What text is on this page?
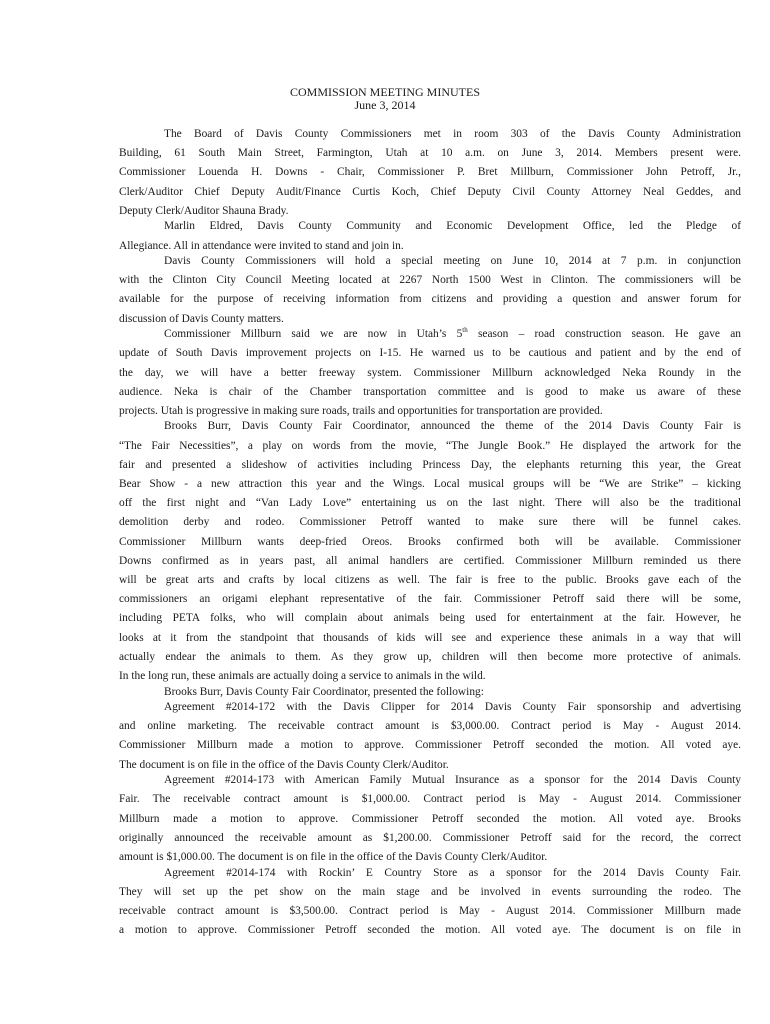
COMMISSION MEETING MINUTES
June 3, 2014
The Board of Davis County Commissioners met in room 303 of the Davis County Administration
Building, 61 South Main Street, Farmington, Utah at 10 a.m. on June 3, 2014. Members present were.
Commissioner Louenda H. Downs - Chair, Commissioner P. Bret Millburn, Commissioner John Petroff, Jr.,
Clerk/Auditor Chief Deputy Audit/Finance Curtis Koch, Chief Deputy Civil County Attorney Neal Geddes, and
Deputy Clerk/Auditor Shauna Brady.
Marlin Eldred, Davis County Community and Economic Development Office, led the Pledge of
Allegiance. All in attendance were invited to stand and join in.
Davis County Commissioners will hold a special meeting on June 10, 2014 at 7 p.m. in conjunction
with the Clinton City Council Meeting located at 2267 North 1500 West in Clinton. The commissioners will be
available for the purpose of receiving information from citizens and providing a question and answer forum for
discussion of Davis County matters.
Commissioner Millburn said we are now in Utah’s 5th season – road construction season. He gave an
update of South Davis improvement projects on I-15. He warned us to be cautious and patient and by the end of
the day, we will have a better freeway system. Commissioner Millburn acknowledged Neka Roundy in the
audience. Neka is chair of the Chamber transportation committee and is good to make us aware of these
projects. Utah is progressive in making sure roads, trails and opportunities for transportation are provided.
Brooks Burr, Davis County Fair Coordinator, announced the theme of the 2014 Davis County Fair is
“The Fair Necessities”, a play on words from the movie, “The Jungle Book.” He displayed the artwork for the
fair and presented a slideshow of activities including Princess Day, the elephants returning this year, the Great
Bear Show - a new attraction this year and the Wings. Local musical groups will be “We are Strike” – kicking
off the first night and “Van Lady Love” entertaining us on the last night. There will also be the traditional
demolition derby and rodeo. Commissioner Petroff wanted to make sure there will be funnel cakes.
Commissioner Millburn wants deep-fried Oreos. Brooks confirmed both will be available. Commissioner
Downs confirmed as in years past, all animal handlers are certified. Commissioner Millburn reminded us there
will be great arts and crafts by local citizens as well. The fair is free to the public. Brooks gave each of the
commissioners an origami elephant representative of the fair. Commissioner Petroff said there will be some,
including PETA folks, who will complain about animals being used for entertainment at the fair. However, he
looks at it from the standpoint that thousands of kids will see and experience these animals in a way that will
actually endear the animals to them. As they grow up, children will then become more protective of animals.
In the long run, these animals are actually doing a service to animals in the wild.
Brooks Burr, Davis County Fair Coordinator, presented the following:
Agreement #2014-172 with the Davis Clipper for 2014 Davis County Fair sponsorship and advertising
and online marketing. The receivable contract amount is $3,000.00. Contract period is May - August 2014.
Commissioner Millburn made a motion to approve. Commissioner Petroff seconded the motion. All voted aye.
The document is on file in the office of the Davis County Clerk/Auditor.
Agreement #2014-173 with American Family Mutual Insurance as a sponsor for the 2014 Davis County
Fair. The receivable contract amount is $1,000.00. Contract period is May - August 2014. Commissioner
Millburn made a motion to approve. Commissioner Petroff seconded the motion. All voted aye. Brooks
originally announced the receivable amount as $1,200.00. Commissioner Petroff said for the record, the correct
amount is $1,000.00. The document is on file in the office of the Davis County Clerk/Auditor.
Agreement #2014-174 with Rockin’ E Country Store as a sponsor for the 2014 Davis County Fair.
They will set up the pet show on the main stage and be involved in events surrounding the rodeo. The
receivable contract amount is $3,500.00. Contract period is May - August 2014. Commissioner Millburn made
a motion to approve. Commissioner Petroff seconded the motion. All voted aye. The document is on file in
